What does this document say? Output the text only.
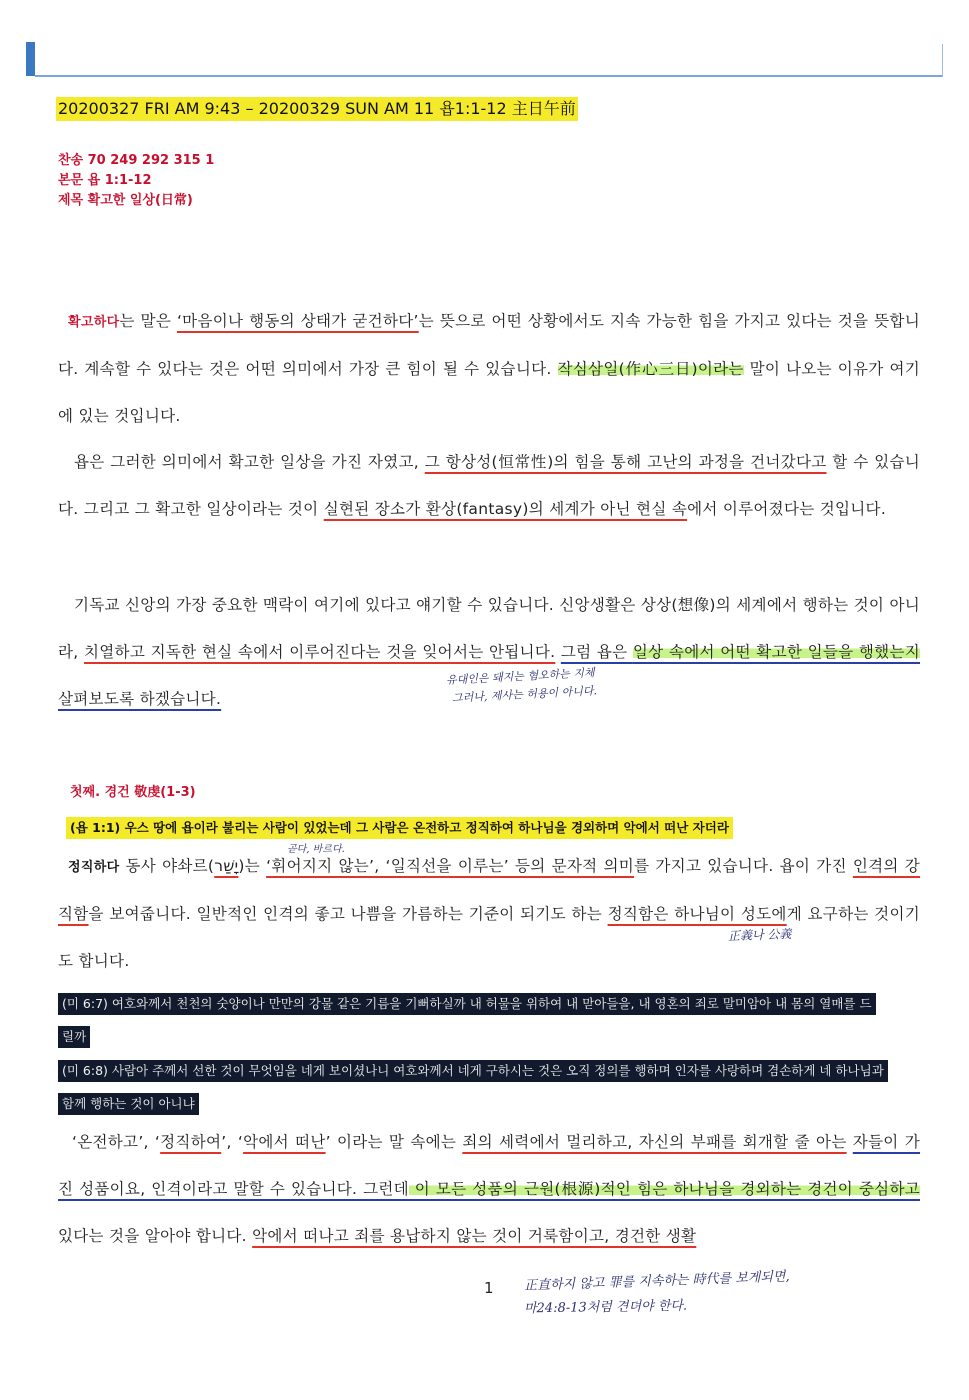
20200327 FRI AM 9:43 – 20200329 SUN AM 11 욥1:1-12 主日午前
찬송 70 249 292 315 1
본문 욥 1:1-12
제목 확고한 일상(日常)
확고하다는 말은 ‘마음이나 행동의 상태가 굳건하다’는 뜻으로 어떤 상황에서도 지속 가능한 힘을 가지고 있다는 것을 뜻합니다. 계속할 수 있다는 것은 어떤 의미에서 가장 큰 힘이 될 수 있습니다. 작심삼일(作心三日)이라는 말이 나오는 이유가 여기에 있는 것입니다.
욥은 그러한 의미에서 확고한 일상을 가진 자였고, 그 항상성(恒常性)의 힘을 통해 고난의 과정을 건너갔다고 할 수 있습니다. 그리고 그 확고한 일상이라는 것이 실현된 장소가 환상(fantasy)의 세계가 아닌 현실 속에서 이루어졌다는 것입니다.
기독교 신앙의 가장 중요한 맥락이 여기에 있다고 얘기할 수 있습니다. 신앙생활은 상상(想像)의 세계에서 행하는 것이 아니라, 치열하고 지독한 현실 속에서 이루어진다는 것을 잊어서는 안됩니다. 그럼 욥은 일상 속에서 어떤 확고한 일들을 행했는지 살펴보도록 하겠습니다.
유대인은 돼지는 혐오하는 지체
그러나, 제사는 허용이 아니다.
첫째. 경건 敬虔(1-3)
(욥 1:1) 우스 땅에 욥이라 불리는 사람이 있었는데 그 사람은 온전하고 정직하여 하나님을 경외하며 악에서 떠난 자더라
곧다, 바르다.
정직하다 동사 야솨르(יָשַׁר)는 ‘휘어지지 않는’, ‘일직선을 이루는’ 등의 문자적 의미를 가지고 있습니다. 욥이 가진 인격의 강직함을 보여줍니다. 일반적인 인격의 좋고 나쁨을 가름하는 기준이 되기도 하는 정직함은 하나님이 성도에게 요구하는 것이기도 합니다.
正義나 公義
(미 6:7) 여호와께서 천천의 숫양이나 만만의 강물 같은 기름을 기뻐하실까 내 허물을 위하여 내 맏아들을, 내 영혼의 죄로 말미암아 내 몸의 열매를 드
릴까
(미 6:8) 사람아 주께서 선한 것이 무엇임을 네게 보이셨나니 여호와께서 네게 구하시는 것은 오직 정의를 행하며 인자를 사랑하며 겸손하게 네 하나님과
함께 행하는 것이 아니냐
‘온전하고’, ‘정직하여’, ‘악에서 떠난’ 이라는 말 속에는 죄의 세력에서 멀리하고, 자신의 부패를 회개할 줄 아는 자들이 가진 성품이요, 인격이라고 말할 수 있습니다. 그런데 이 모든 성품의 근원(根源)적인 힘은 하나님을 경외하는 경건이 중심하고 있다는 것을 알아야 합니다. 악에서 떠나고 죄를 용납하지 않는 것이 거룩함이고, 경건한 생활
1 正直하지 않고 罪를 지속하는 時代를 보게되면,
마24:8-13처럼 견뎌야 한다.
